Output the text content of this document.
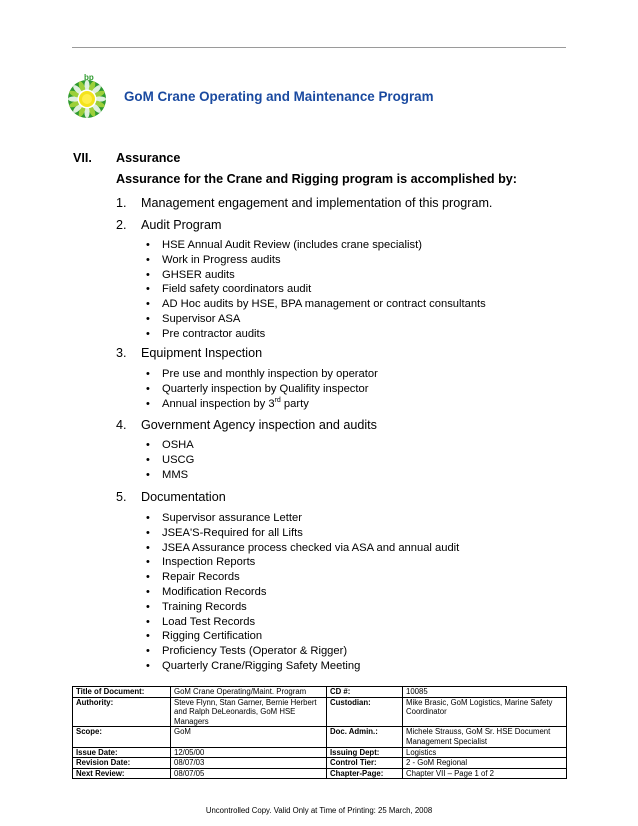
bp
GoM Crane Operating and Maintenance Program
VII. Assurance
Assurance for the Crane and Rigging program is accomplished by:
1. Management engagement and implementation of this program.
2. Audit Program
• HSE Annual Audit Review (includes crane specialist)
• Work in Progress audits
• GHSER audits
• Field safety coordinators audit
• AD Hoc audits by HSE, BPA management or contract consultants
• Supervisor ASA
• Pre contractor audits
3. Equipment Inspection
• Pre use and monthly inspection by operator
• Quarterly inspection by Qualifity inspector
• Annual inspection by 3rd party
4. Government Agency inspection and audits
• OSHA
• USCG
• MMS
5. Documentation
• Supervisor assurance Letter
• JSEA'S-Required for all Lifts
• JSEA Assurance process checked via ASA and annual audit
• Inspection Reports
• Repair Records
• Modification Records
• Training Records
• Load Test Records
• Rigging Certification
• Proficiency Tests (Operator & Rigger)
• Quarterly Crane/Rigging Safety Meeting
Title of Document:	GoM Crane Operating/Maint. Program	CD #:	10085
Authority:	Steve Flynn, Stan Garner, Bernie Herbert and Ralph DeLeonardis, GoM HSE Managers	Custodian:	Mike Brasic, GoM Logistics, Marine Safety Coordinator
Scope:	GoM	Doc. Admin.:	Michele Strauss, GoM Sr. HSE Document Management Specialist
Issue Date:	12/05/00	Issuing Dept:	Logistics
Revision Date:	08/07/03	Control Tier:	2 - GoM Regional
Next Review:	08/07/05	Chapter-Page:	Chapter VII – Page 1 of 2
Uncontrolled Copy. Valid Only at Time of Printing: 25 March, 2008
